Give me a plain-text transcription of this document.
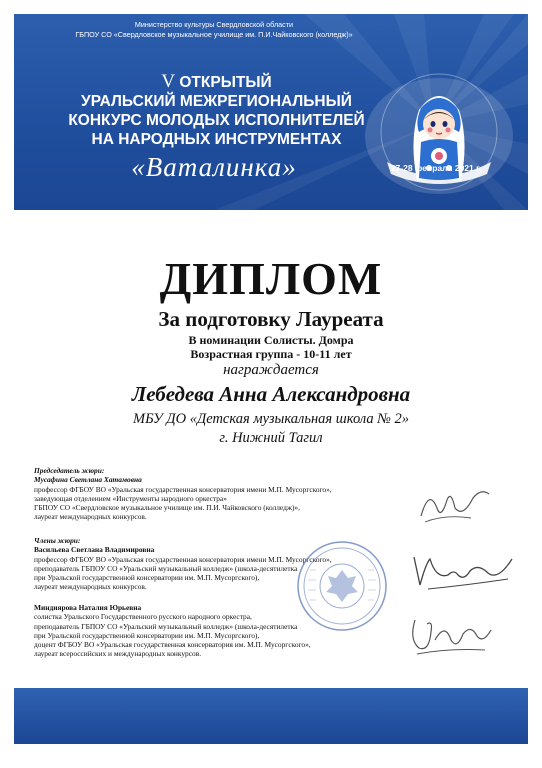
Министерство культуры Свердловской области
ГБПОУ СО «Свердловское музыкальное училище им. П.И.Чайковского (колледж)»
V ОТКРЫТЫЙ
УРАЛЬСКИЙ МЕЖРЕГИОНАЛЬНЫЙ
КОНКУРС МОЛОДЫХ ИСПОЛНИТЕЛЕЙ
НА НАРОДНЫХ ИНСТРУМЕНТАХ
«Ваталинка»	27-28 февраля 2021 г.
ДИПЛОМ
За подготовку Лауреата
В номинации Солисты. Домра
Возрастная группа - 10-11 лет
награждается
Лебедева Анна Александровна
МБУ ДО «Детская музыкальная школа № 2»
г. Нижний Тагил
Председатель жюри:
Мусафина Светлана Хатамовна
профессор ФГБОУ ВО «Уральская государственная консерватория имени М.П. Мусоргского»,
заведующая отделением «Инструменты народного оркестра»
ГБПОУ СО «Свердловское музыкальное училище им. П.И. Чайковского (колледж)»,
лауреат международных конкурсов.
Члены жюри:
Васильева Светлана Владимировна
профессор ФГБОУ ВО «Уральская государственная консерватория имени М.П. Мусоргского»,
преподаватель ГБПОУ СО «Уральский музыкальный колледж» (школа-десятилетка
при Уральской государственной консерватории им. М.П. Мусоргского),
лауреат международных конкурсов.
Миндиярова Наталия Юрьевна
солистка Уральского Государственного русского народного оркестра,
преподаватель ГБПОУ СО «Уральский музыкальный колледж» (школа-десятилетка
при Уральской государственной консерватории им. М.П. Мусоргского),
доцент ФГБОУ ВО «Уральская государственная консерватория им. М.П. Мусоргского»,
лауреат всероссийских и международных конкурсов.
